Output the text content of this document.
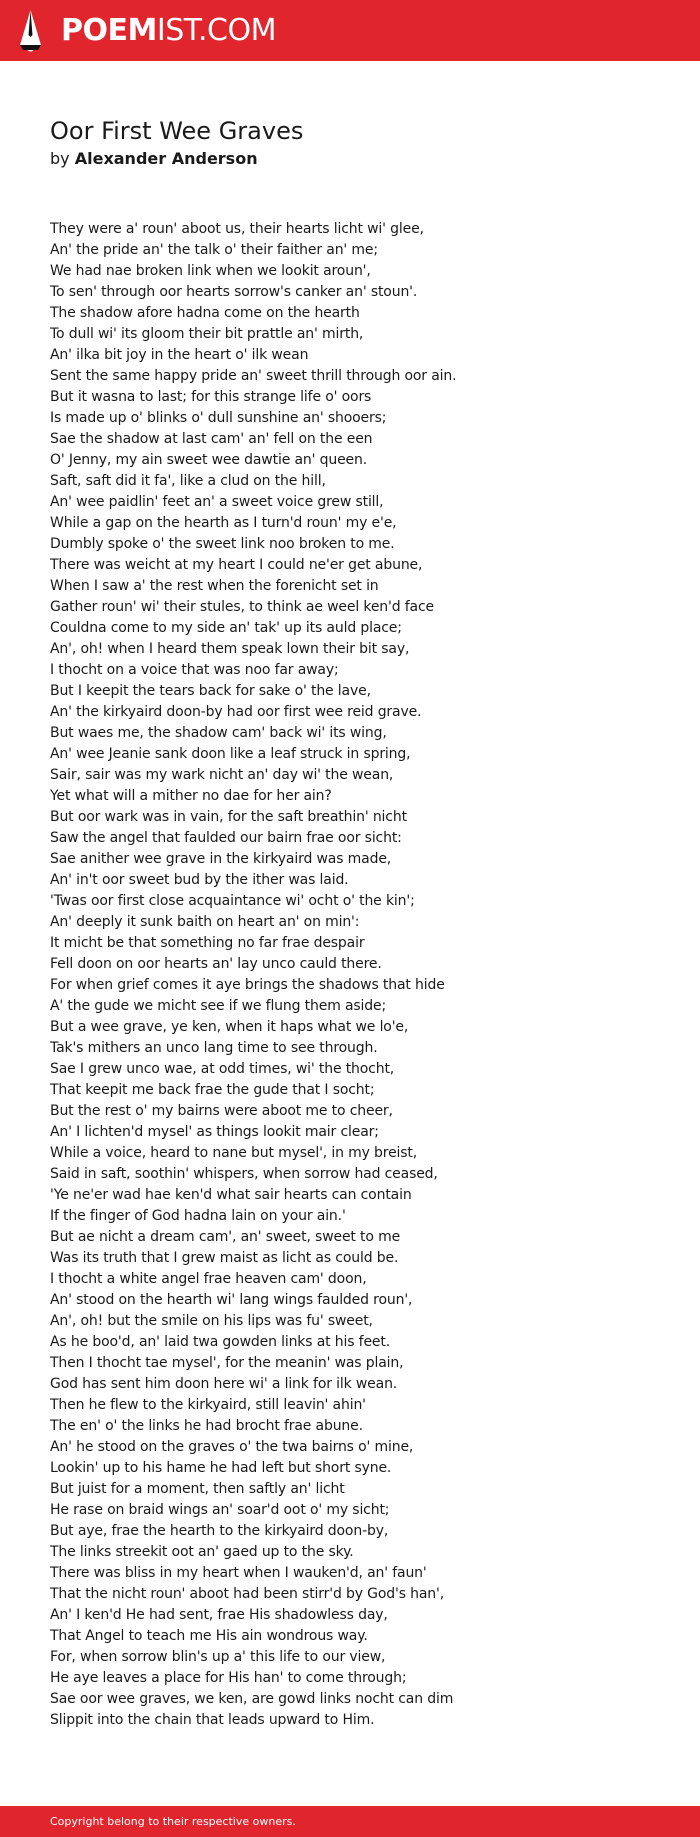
POEMIST.COM
Oor First Wee Graves
by Alexander Anderson
They were a' roun' aboot us, their hearts licht wi' glee,
An' the pride an' the talk o' their faither an' me;
We had nae broken link when we lookit aroun',
To sen' through oor hearts sorrow's canker an' stoun'.
The shadow afore hadna come on the hearth
To dull wi' its gloom their bit prattle an' mirth,
An' ilka bit joy in the heart o' ilk wean
Sent the same happy pride an' sweet thrill through oor ain.
But it wasna to last; for this strange life o' oors
Is made up o' blinks o' dull sunshine an' shooers;
Sae the shadow at last cam' an' fell on the een
O' Jenny, my ain sweet wee dawtie an' queen.
Saft, saft did it fa', like a clud on the hill,
An' wee paidlin' feet an' a sweet voice grew still,
While a gap on the hearth as I turn'd roun' my e'e,
Dumbly spoke o' the sweet link noo broken to me.
There was weicht at my heart I could ne'er get abune,
When I saw a' the rest when the forenicht set in
Gather roun' wi' their stules, to think ae weel ken'd face
Couldna come to my side an' tak' up its auld place;
An', oh! when I heard them speak lown their bit say,
I thocht on a voice that was noo far away;
But I keepit the tears back for sake o' the lave,
An' the kirkyaird doon-by had oor first wee reid grave.
But waes me, the shadow cam' back wi' its wing,
An' wee Jeanie sank doon like a leaf struck in spring,
Sair, sair was my wark nicht an' day wi' the wean,
Yet what will a mither no dae for her ain?
But oor wark was in vain, for the saft breathin' nicht
Saw the angel that faulded our bairn frae oor sicht:
Sae anither wee grave in the kirkyaird was made,
An' in't oor sweet bud by the ither was laid.
'Twas oor first close acquaintance wi' ocht o' the kin';
An' deeply it sunk baith on heart an' on min':
It micht be that something no far frae despair
Fell doon on oor hearts an' lay unco cauld there.
For when grief comes it aye brings the shadows that hide
A' the gude we micht see if we flung them aside;
But a wee grave, ye ken, when it haps what we lo'e,
Tak's mithers an unco lang time to see through.
Sae I grew unco wae, at odd times, wi' the thocht,
That keepit me back frae the gude that I socht;
But the rest o' my bairns were aboot me to cheer,
An' I lichten'd mysel' as things lookit mair clear;
While a voice, heard to nane but mysel', in my breist,
Said in saft, soothin' whispers, when sorrow had ceased,
'Ye ne'er wad hae ken'd what sair hearts can contain
If the finger of God hadna lain on your ain.'
But ae nicht a dream cam', an' sweet, sweet to me
Was its truth that I grew maist as licht as could be.
I thocht a white angel frae heaven cam' doon,
An' stood on the hearth wi' lang wings faulded roun',
An', oh! but the smile on his lips was fu' sweet,
As he boo'd, an' laid twa gowden links at his feet.
Then I thocht tae mysel', for the meanin' was plain,
God has sent him doon here wi' a link for ilk wean.
Then he flew to the kirkyaird, still leavin' ahin'
The en' o' the links he had brocht frae abune.
An' he stood on the graves o' the twa bairns o' mine,
Lookin' up to his hame he had left but short syne.
But juist for a moment, then saftly an' licht
He rase on braid wings an' soar'd oot o' my sicht;
But aye, frae the hearth to the kirkyaird doon-by,
The links streekit oot an' gaed up to the sky.
There was bliss in my heart when I wauken'd, an' faun'
That the nicht roun' aboot had been stirr'd by God's han',
An' I ken'd He had sent, frae His shadowless day,
That Angel to teach me His ain wondrous way.
For, when sorrow blin's up a' this life to our view,
He aye leaves a place for His han' to come through;
Sae oor wee graves, we ken, are gowd links nocht can dim
Slippit into the chain that leads upward to Him.
Copyright belong to their respective owners.
